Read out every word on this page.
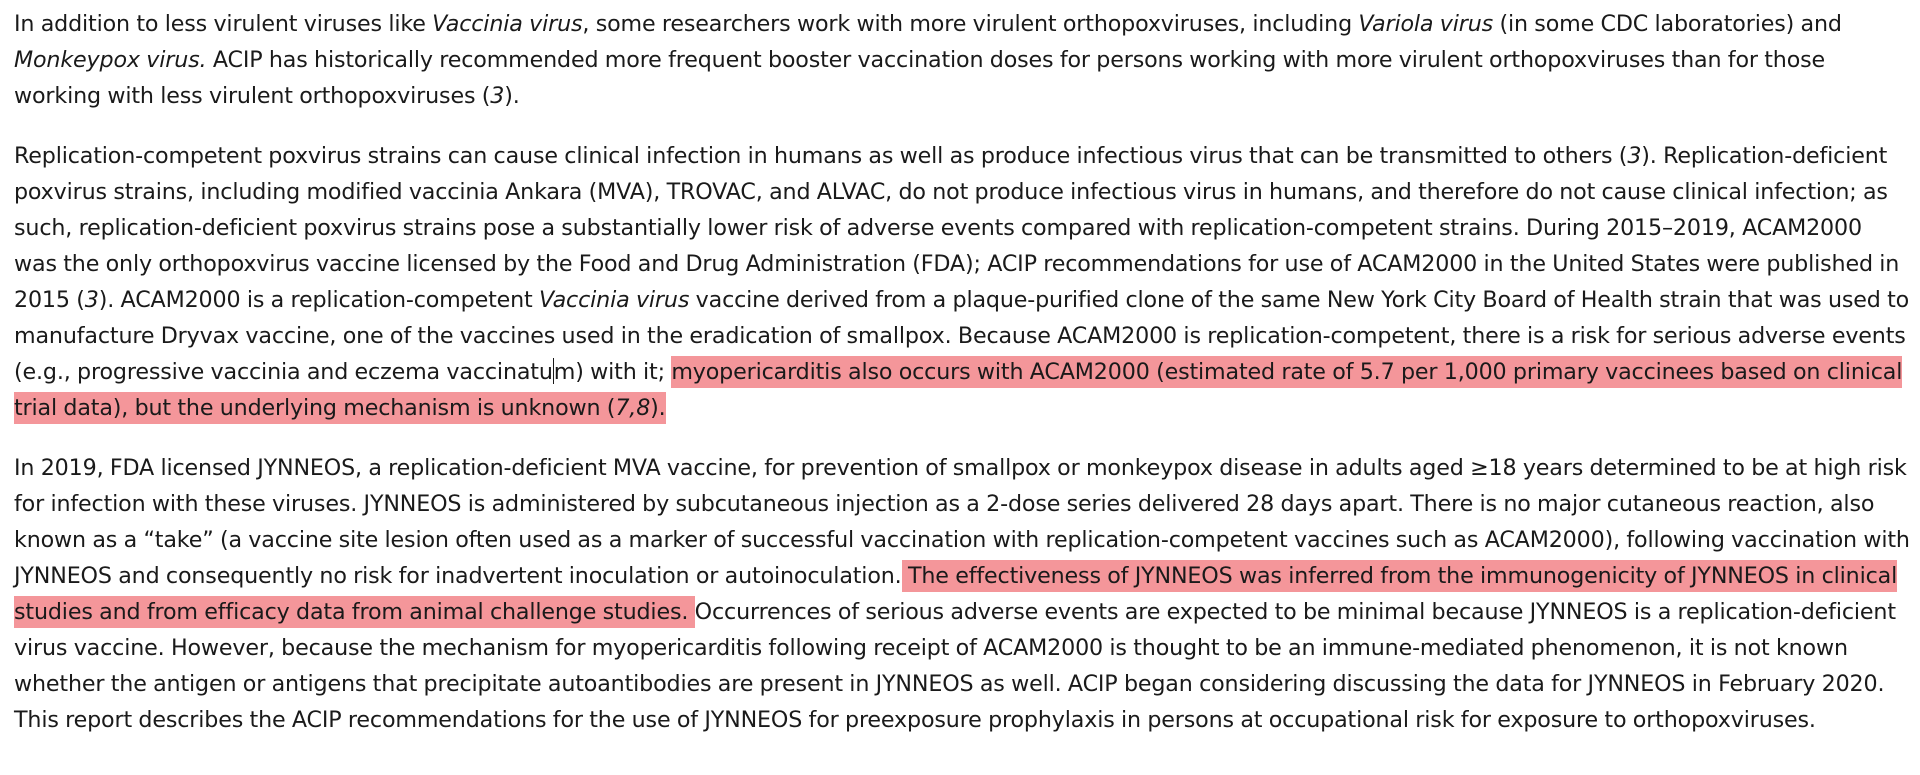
In addition to less virulent viruses like Vaccinia virus, some researchers work with more virulent orthopoxviruses, including Variola virus (in some CDC laboratories) and Monkeypox virus. ACIP has historically recommended more frequent booster vaccination doses for persons working with more virulent orthopoxviruses than for those working with less virulent orthopoxviruses (3).

Replication-competent poxvirus strains can cause clinical infection in humans as well as produce infectious virus that can be transmitted to others (3). Replication-deficient poxvirus strains, including modified vaccinia Ankara (MVA), TROVAC, and ALVAC, do not produce infectious virus in humans, and therefore do not cause clinical infection; as such, replication-deficient poxvirus strains pose a substantially lower risk of adverse events compared with replication-competent strains. During 2015–2019, ACAM2000 was the only orthopoxvirus vaccine licensed by the Food and Drug Administration (FDA); ACIP recommendations for use of ACAM2000 in the United States were published in 2015 (3). ACAM2000 is a replication-competent Vaccinia virus vaccine derived from a plaque-purified clone of the same New York City Board of Health strain that was used to manufacture Dryvax vaccine, one of the vaccines used in the eradication of smallpox. Because ACAM2000 is replication-competent, there is a risk for serious adverse events (e.g., progressive vaccinia and eczema vaccinatum) with it; myopericarditis also occurs with ACAM2000 (estimated rate of 5.7 per 1,000 primary vaccinees based on clinical trial data), but the underlying mechanism is unknown (7,8).

In 2019, FDA licensed JYNNEOS, a replication-deficient MVA vaccine, for prevention of smallpox or monkeypox disease in adults aged ≥18 years determined to be at high risk for infection with these viruses. JYNNEOS is administered by subcutaneous injection as a 2-dose series delivered 28 days apart. There is no major cutaneous reaction, also known as a “take” (a vaccine site lesion often used as a marker of successful vaccination with replication-competent vaccines such as ACAM2000), following vaccination with JYNNEOS and consequently no risk for inadvertent inoculation or autoinoculation. The effectiveness of JYNNEOS was inferred from the immunogenicity of JYNNEOS in clinical studies and from efficacy data from animal challenge studies. Occurrences of serious adverse events are expected to be minimal because JYNNEOS is a replication-deficient virus vaccine. However, because the mechanism for myopericarditis following receipt of ACAM2000 is thought to be an immune-mediated phenomenon, it is not known whether the antigen or antigens that precipitate autoantibodies are present in JYNNEOS as well. ACIP began considering discussing the data for JYNNEOS in February 2020. This report describes the ACIP recommendations for the use of JYNNEOS for preexposure prophylaxis in persons at occupational risk for exposure to orthopoxviruses.
